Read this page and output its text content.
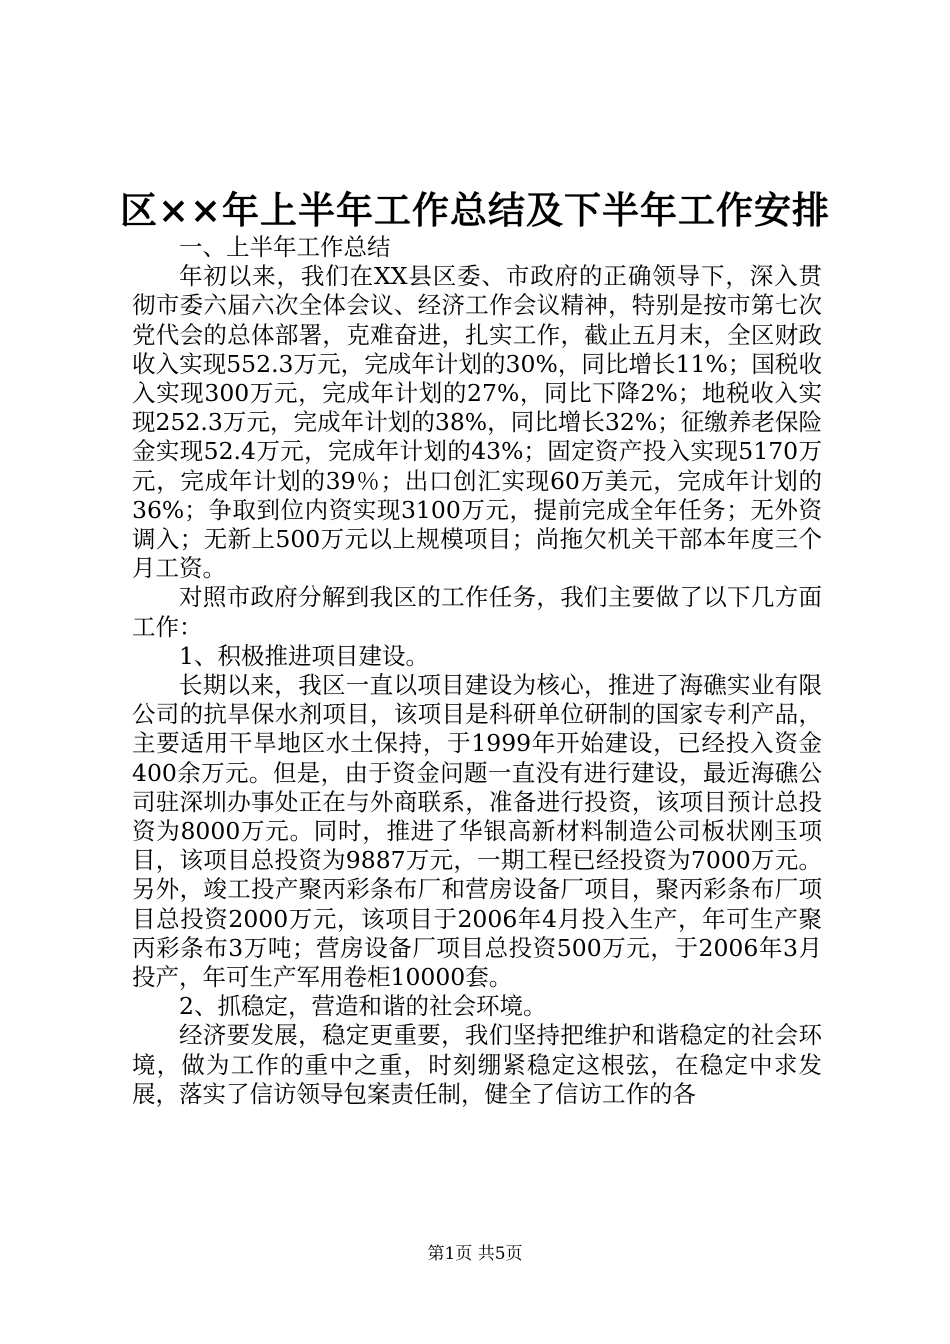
区××年上半年工作总结及下半年工作安排

一、上半年工作总结

年初以来，我们在XX县区委、市政府的正确领导下，深入贯彻市委六届六次全体会议、经济工作会议精神，特别是按市第七次党代会的总体部署，克难奋进，扎实工作，截止五月末，全区财政收入实现552.3万元，完成年计划的30%，同比增长11%；国税收入实现300万元，完成年计划的27%，同比下降2%；地税收入实现252.3万元，完成年计划的38%，同比增长32%；征缴养老保险金实现52.4万元，完成年计划的43%；固定资产投入实现5170万元，完成年计划的39％；出口创汇实现60万美元，完成年计划的36%；争取到位内资实现3100万元，提前完成全年任务；无外资调入；无新上500万元以上规模项目；尚拖欠机关干部本年度三个月工资。

对照市政府分解到我区的工作任务，我们主要做了以下几方面工作：

1、积极推进项目建设。

长期以来，我区一直以项目建设为核心，推进了海礁实业有限公司的抗旱保水剂项目，该项目是科研单位研制的国家专利产品，主要适用干旱地区水土保持，于1999年开始建设，已经投入资金400余万元。但是，由于资金问题一直没有进行建设，最近海礁公司驻深圳办事处正在与外商联系，准备进行投资，该项目预计总投资为8000万元。同时，推进了华银高新材料制造公司板状刚玉项目，该项目总投资为9887万元，一期工程已经投资为7000万元。另外，竣工投产聚丙彩条布厂和营房设备厂项目，聚丙彩条布厂项目总投资2000万元，该项目于2006年4月投入生产，年可生产聚丙彩条布3万吨；营房设备厂项目总投资500万元，于2006年3月投产，年可生产军用卷柜10000套。

2、抓稳定，营造和谐的社会环境。

经济要发展，稳定更重要，我们坚持把维护和谐稳定的社会环境，做为工作的重中之重，时刻绷紧稳定这根弦，在稳定中求发展，落实了信访领导包案责任制，健全了信访工作的各

第1页 共5页
